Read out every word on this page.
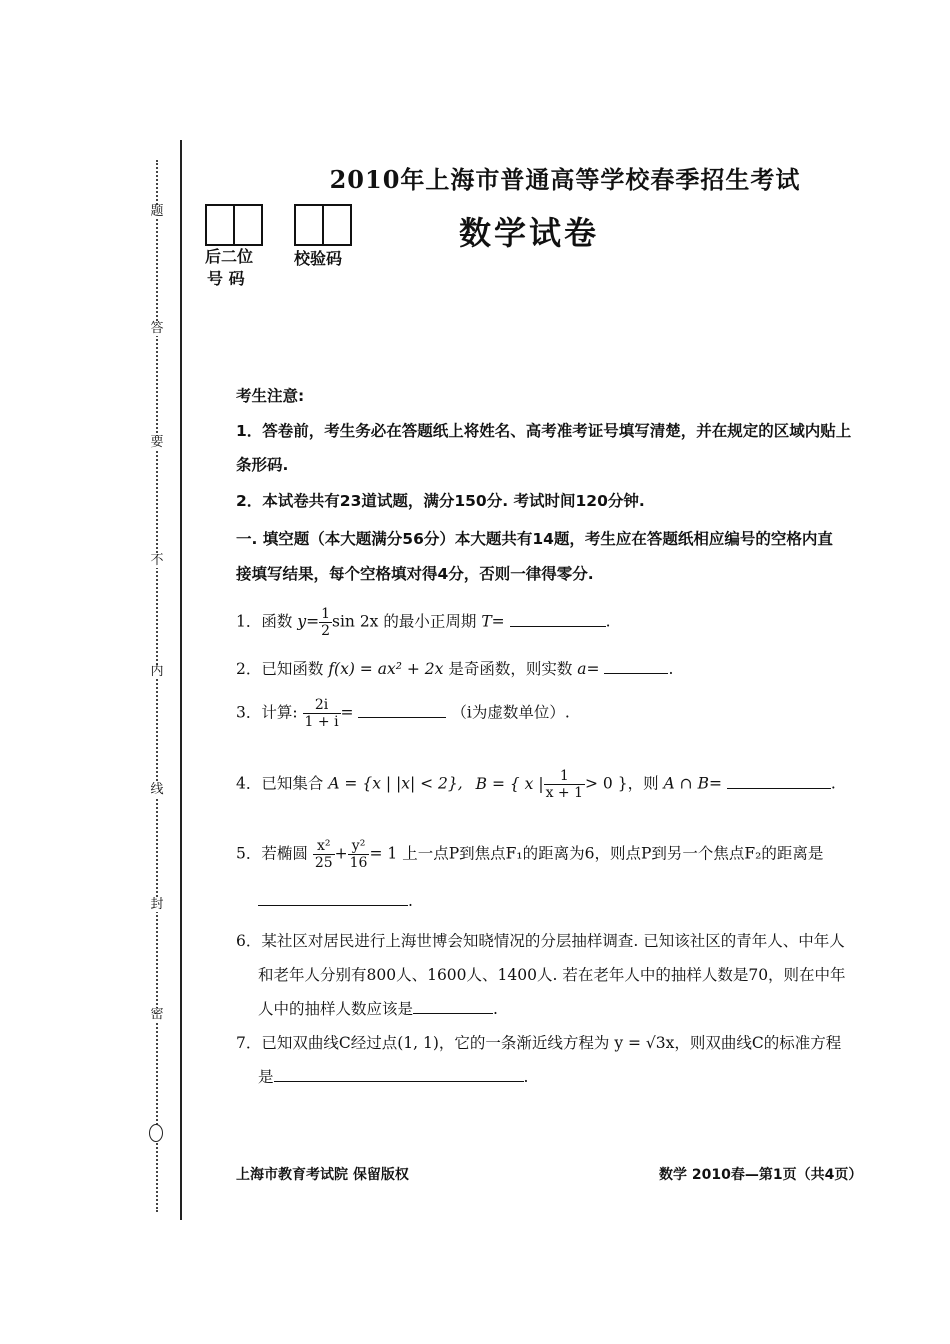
题
答
要
不
内
线
封
密
2010年上海市普通高等学校春季招生考试
数学试卷
后二位
号 码
校验码
考生注意:
1．答卷前，考生务必在答题纸上将姓名、高考准考证号填写清楚，并在规定的区域内贴上
条形码.
2．本试卷共有23道试题，满分150分. 考试时间120分钟.
一. 填空题（本大题满分56分）本大题共有14题，考生应在答题纸相应编号的空格内直
接填写结果，每个空格填对得4分，否则一律得零分.
1．函数 $y= \frac{1}{2}$ sin 2x 的最小正周期 T=	.
2．已知函数 f(x) = ax² + 2x 是奇函数，则实数 a=	.
3．计算: $\frac{2i}{1 + i}$ =	（i为虚数单位）.
4．已知集合 A = {x | |x| < 2}, B = { x | $\frac{1}{x + 1} > 0$ }，则 A ∩ B=	.
5．若椭圆 $\frac{\text{x²}}{25} + \frac{\text{y²}}{16} = 1$ 上一点P到焦点F₁的距离为6，则点P到另一个焦点F₂的距离是
.
6．某社区对居民进行上海世博会知晓情况的分层抽样调查. 已知该社区的青年人、中年人
和老年人分别有800人、1600人、1400人. 若在老年人中的抽样人数是70，则在中年
人中的抽样人数应该是	.
7．已知双曲线C经过点(1, 1)，它的一条渐近线方程为 y = √3x，则双曲线C的标准方程
是	.
上海市教育考试院 保留版权	数学 2010春—第1页（共4页）
